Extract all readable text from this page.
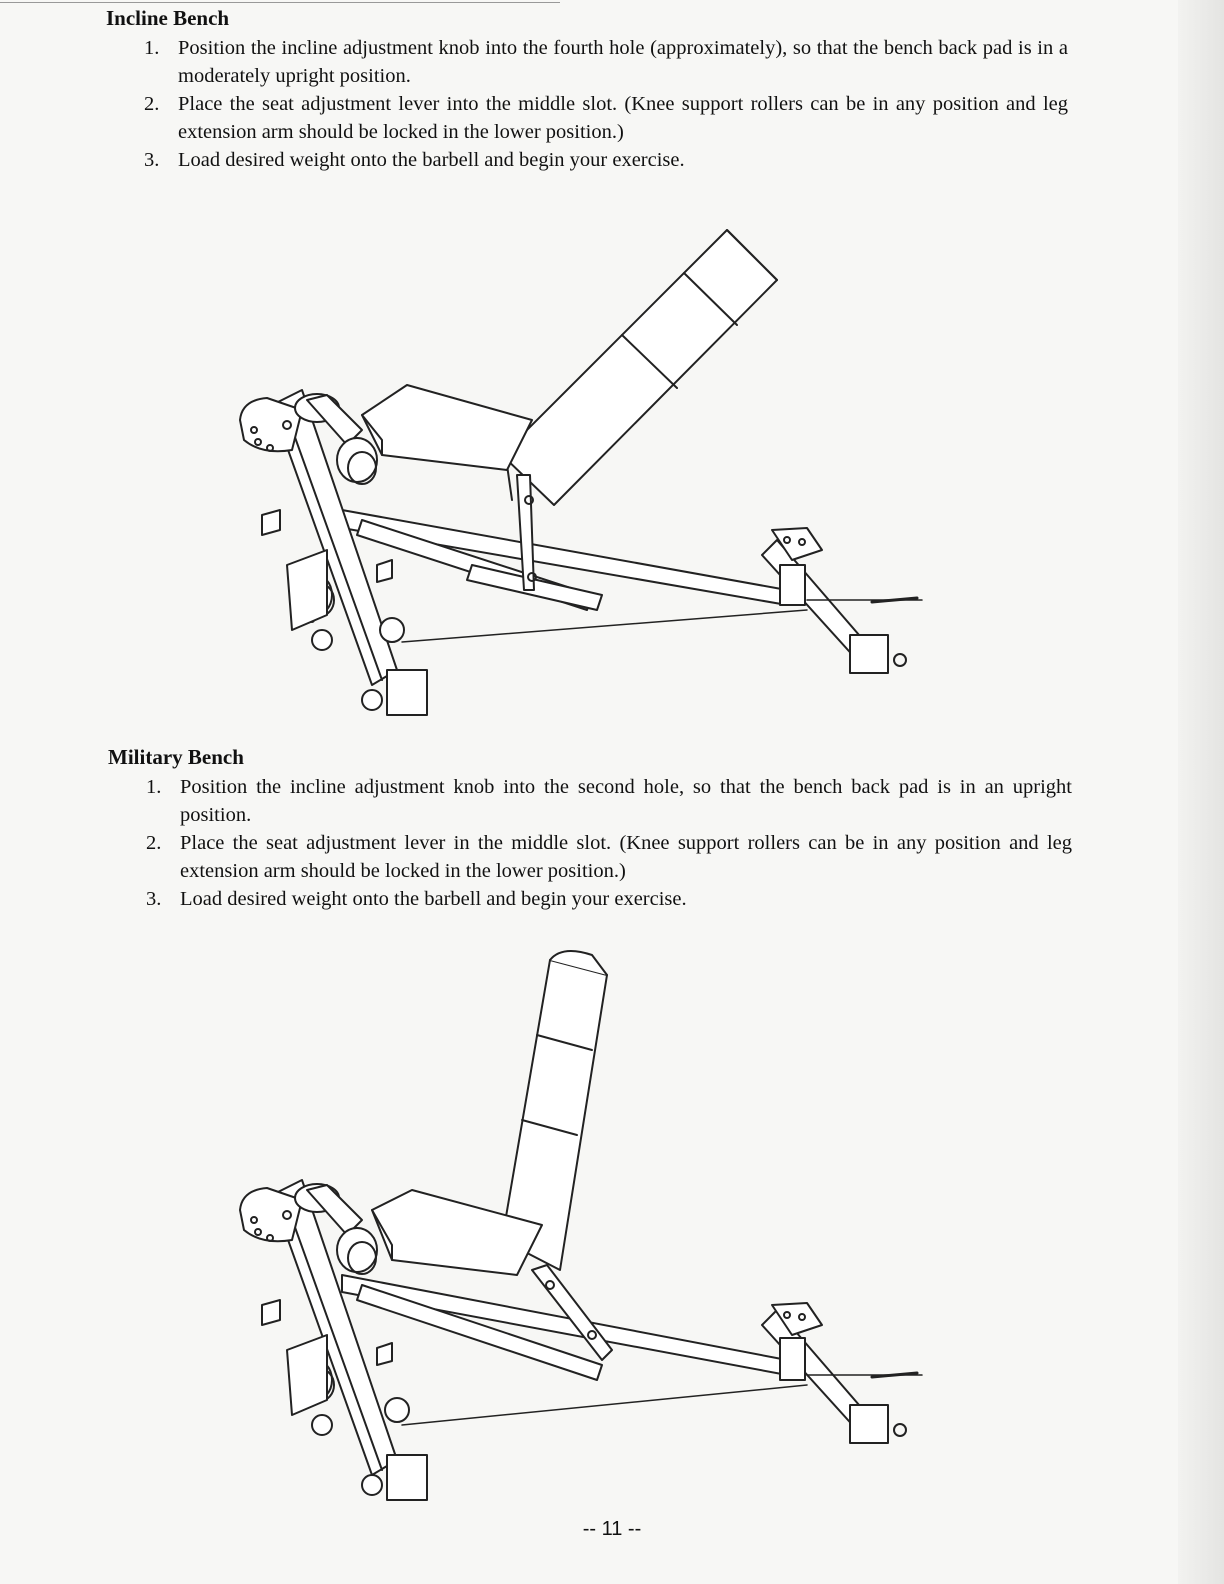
Incline Bench
1. Position the incline adjustment knob into the fourth hole (approximately), so that the bench back pad is in a moderately upright position.
2. Place the seat adjustment lever into the middle slot. (Knee support rollers can be in any position and leg extension arm should be locked in the lower position.)
3. Load desired weight onto the barbell and begin your exercise.
Military Bench
1. Position the incline adjustment knob into the second hole, so that the bench back pad is in an upright position.
2. Place the seat adjustment lever in the middle slot. (Knee support rollers can be in any position and leg extension arm should be locked in the lower position.)
3. Load desired weight onto the barbell and begin your exercise.
-- 11 --
